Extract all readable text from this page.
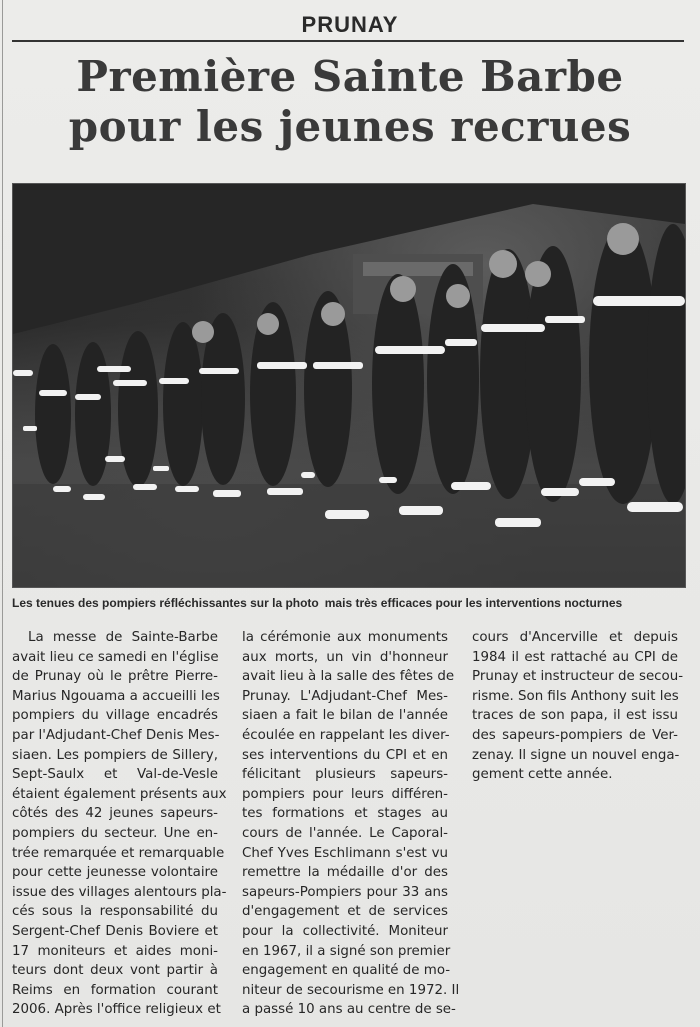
PRUNAY
Première Sainte Barbe
pour les jeunes recrues
Les tenues des pompiers réfléchissantes sur la photo mais très efficaces pour les interventions nocturnes
La messe de Sainte-Barbe
avait lieu ce samedi en l'église
de Prunay où le prêtre Pierre-
Marius Ngouama a accueilli les
pompiers du village encadrés
par l'Adjudant-Chef Denis Mes-
siaen. Les pompiers de Sillery,
Sept-Saulx et Val-de-Vesle
étaient également présents aux
côtés des 42 jeunes sapeurs-
pompiers du secteur. Une en-
trée remarquée et remarquable
pour cette jeunesse volontaire
issue des villages alentours pla-
cés sous la responsabilité du
Sergent-Chef Denis Boviere et
17 moniteurs et aides moni-
teurs dont deux vont partir à
Reims en formation courant
2006. Après l'office religieux et
la cérémonie aux monuments
aux morts, un vin d'honneur
avait lieu à la salle des fêtes de
Prunay. L'Adjudant-Chef Mes-
siaen a fait le bilan de l'année
écoulée en rappelant les diver-
ses interventions du CPI et en
félicitant plusieurs sapeurs-
pompiers pour leurs différen-
tes formations et stages au
cours de l'année. Le Caporal-
Chef Yves Eschlimann s'est vu
remettre la médaille d'or des
sapeurs-Pompiers pour 33 ans
d'engagement et de services
pour la collectivité. Moniteur
en 1967, il a signé son premier
engagement en qualité de mo-
niteur de secourisme en 1972. Il
a passé 10 ans au centre de se-
cours d'Ancerville et depuis
1984 il est rattaché au CPI de
Prunay et instructeur de secou-
risme. Son fils Anthony suit les
traces de son papa, il est issu
des sapeurs-pompiers de Ver-
zenay. Il signe un nouvel enga-
gement cette année.
